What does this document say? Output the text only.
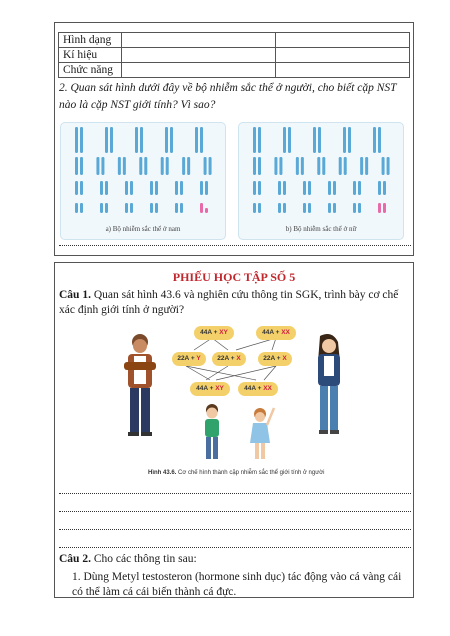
Hình dạng		
Kí hiệu		
Chức năng		
2. Quan sát hình dưới đây về bộ nhiễm sắc thể ở người, cho biết cặp NST nào là cặp NST giới tính? Vì sao?
a) Bộ nhiễm sắc thể ở nam	b) Bộ nhiễm sắc thể ở nữ
PHIẾU HỌC TẬP SỐ 5
Câu 1. Quan sát hình 43.6 và nghiên cứu thông tin SGK, trình bày cơ chế xác định giới tính ở người?
44A + XY	44A + XX
22A + Y	22A + X	22A + X
44A + XY	44A + XX
Hình 43.6. Cơ chế hình thành cặp nhiễm sắc thể giới tính ở người
Câu 2. Cho các thông tin sau:
1. Dùng Metyl testosteron (hormone sinh dục) tác động vào cá vàng cái có thể làm cá cái biến thành cá đực.
